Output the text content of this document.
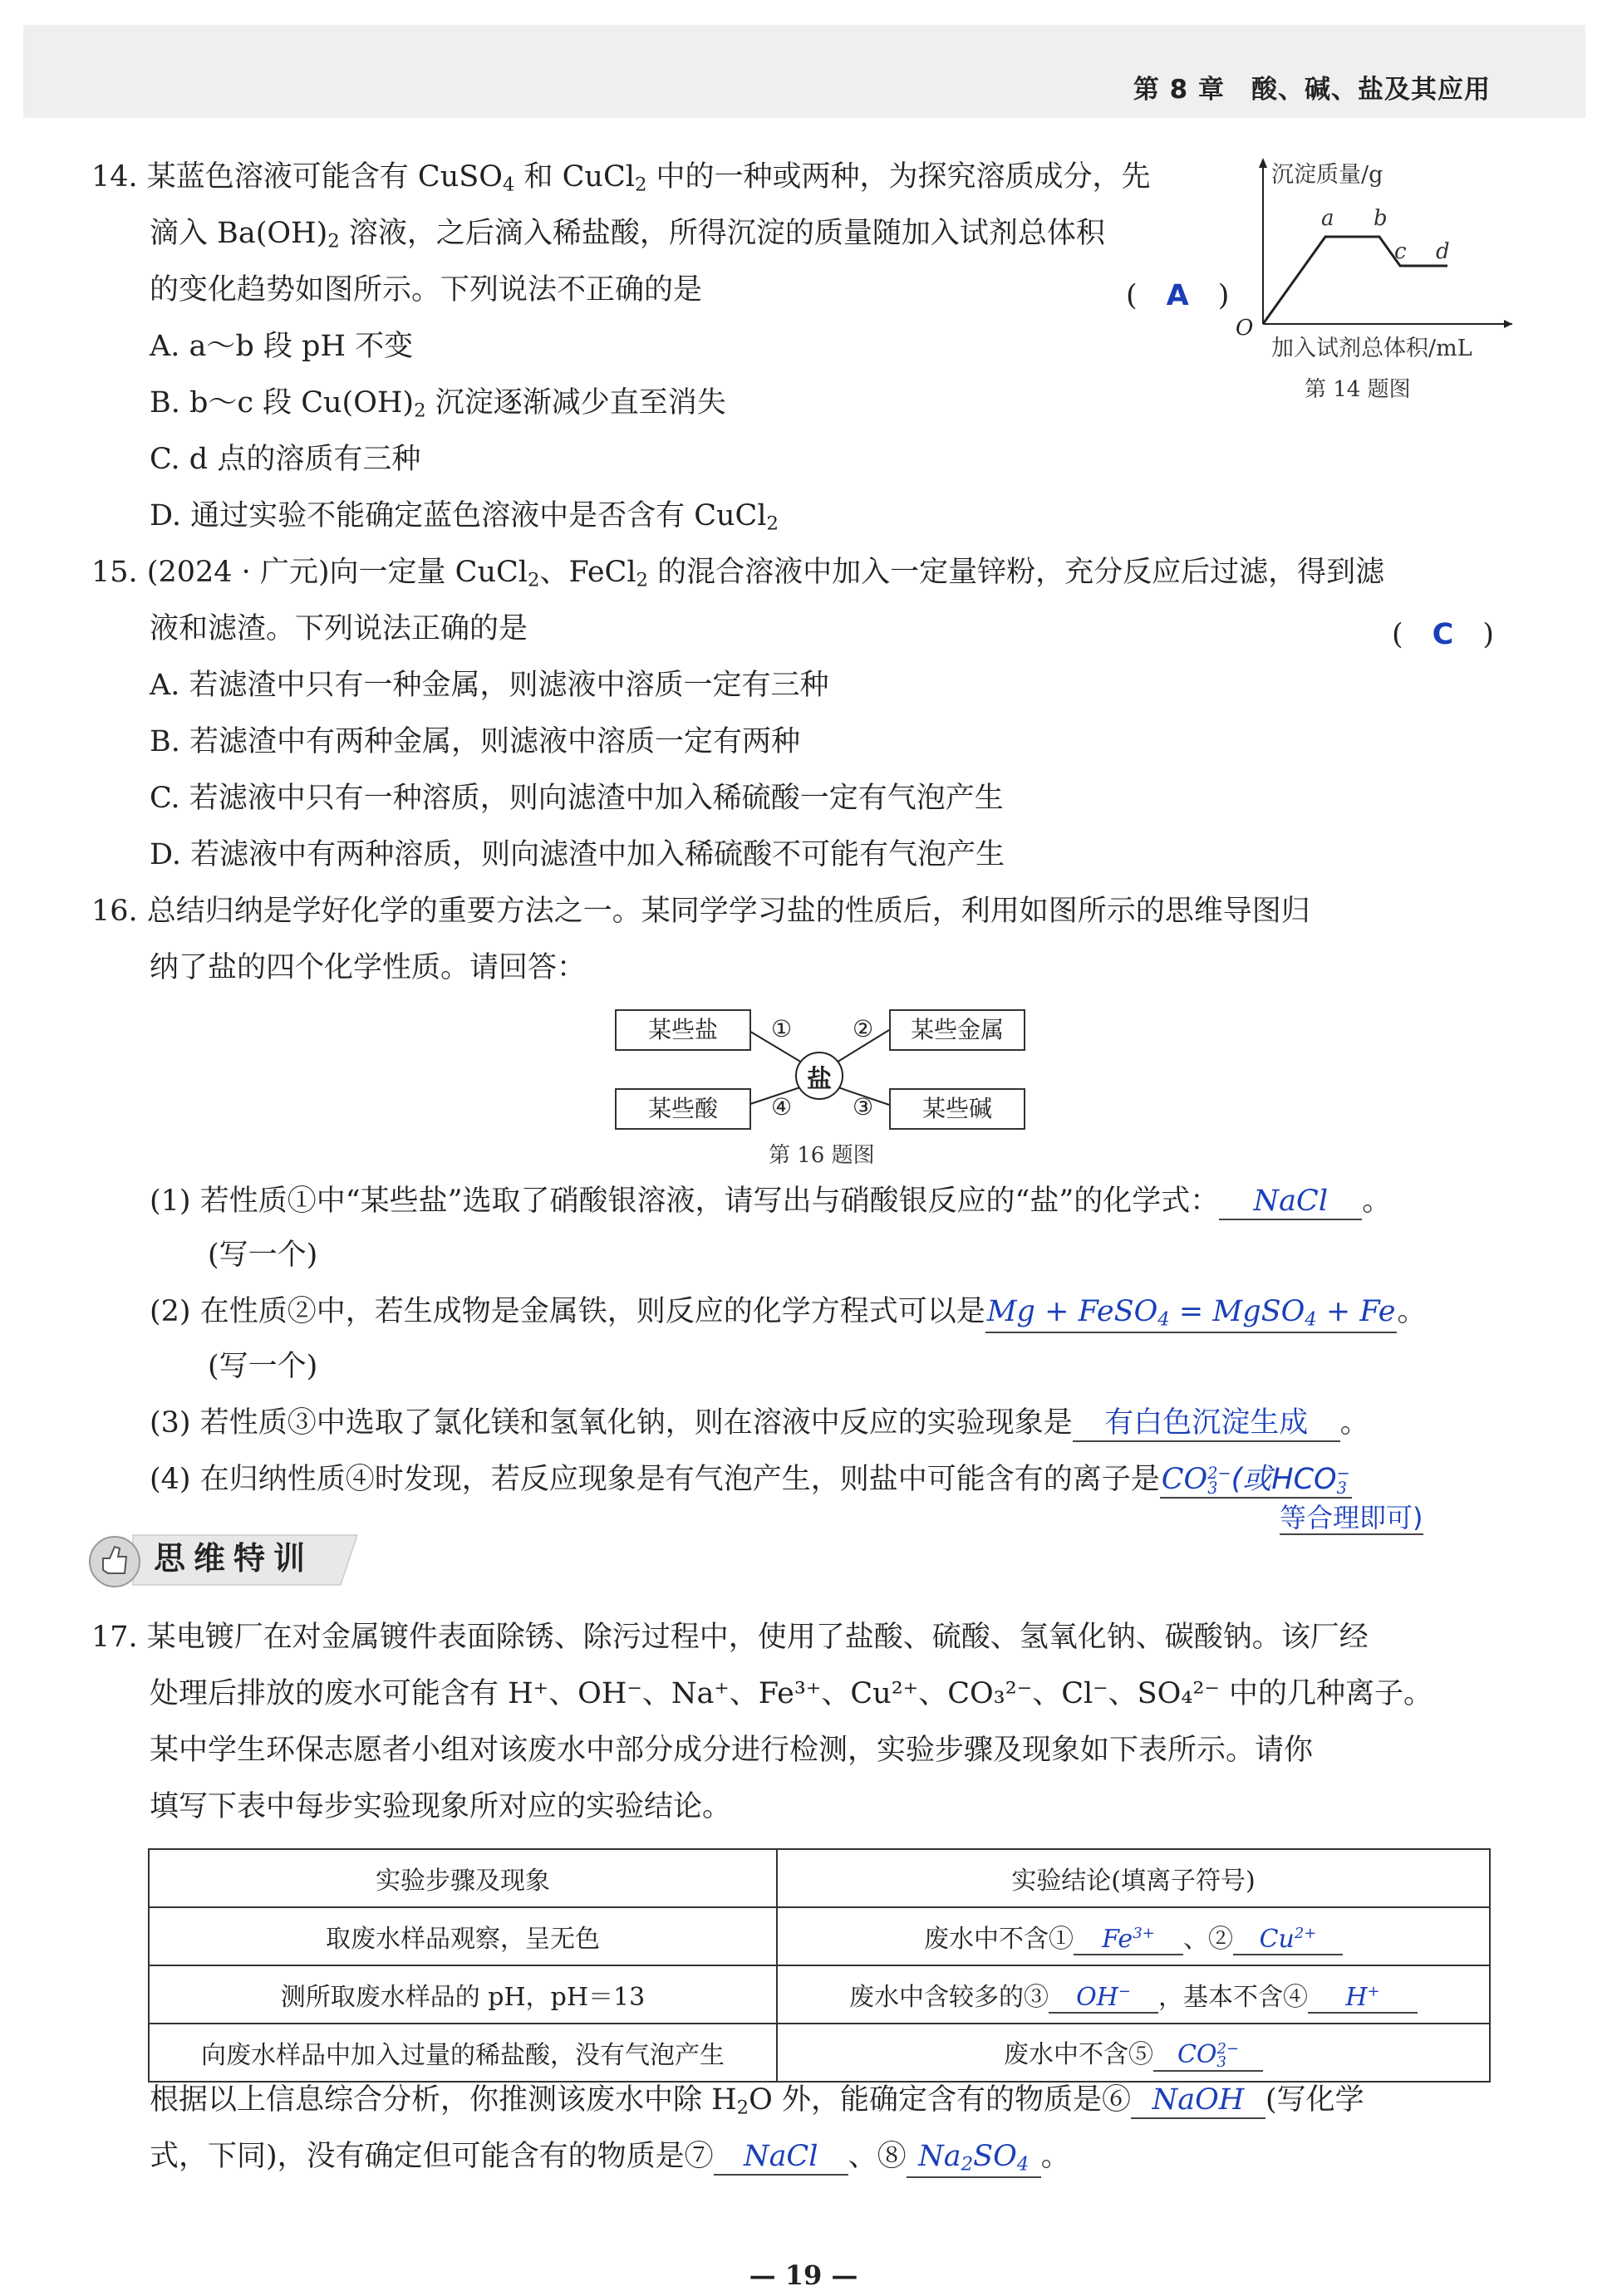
第 8 章　酸、碱、盐及其应用
14. 某蓝色溶液可能含有 CuSO$_4$ 和 CuCl$_2$ 中的一种或两种，为探究溶质成分，先
滴入 $Ba(OH)_2$ 溶液，之后滴入稀盐酸，所得沉淀的质量随加入试剂总体积
的变化趋势如图所示。下列说法不正确的是	(　A　)
A. a～b 段 pH 不变
B. b～c 段 $Cu(OH)_2$ 沉淀逐渐减少直至消失
C. d 点的溶质有三种
D. 通过实验不能确定蓝色溶液中是否含有 CuCl$_2$
沉淀质量/g
O
加入试剂总体积/mL
a b
c d
第 14 题图
15. (2024 · 广元)向一定量 CuCl$_2$、FeCl$_2$ 的混合溶液中加入一定量锌粉，充分反应后过滤，得到滤
液和滤渣。下列说法正确的是	(　C　)
A. 若滤渣中只有一种金属，则滤液中溶质一定有三种
B. 若滤渣中有两种金属，则滤液中溶质一定有两种
C. 若滤液中只有一种溶质，则向滤渣中加入稀硫酸一定有气泡产生
D. 若滤液中有两种溶质，则向滤渣中加入稀硫酸不可能有气泡产生
16. 总结归纳是学好化学的重要方法之一。某同学学习盐的性质后，利用如图所示的思维导图归
纳了盐的四个化学性质。请回答：
盐
某些盐	某些金属
某些酸	某些碱
①	②
③
④
第 16 题图
(1) 若性质①中“某些盐”选取了硝酸银溶液，请写出与硝酸银反应的“盐”的化学式： NaCl 。
(写一个)
(2) 在性质②中，若生成物是金属铁，则反应的化学方程式可以是Mg + FeSO$_4$ = MgSO$_4$ + Fe。
(写一个)
(3) 若性质③中选取了氯化镁和氢氧化钠，则在溶液中反应的实验现象是 有白色沉淀生成 。
(4) 在归纳性质④时发现，若反应现象是有气泡产生，则盐中可能含有的离子是CO 2−
3 (或HCO −
3
等合理即可)
思维特训
17. 某电镀厂在对金属镀件表面除锈、除污过程中，使用了盐酸、硫酸、氢氧化钠、碳酸钠。该厂经
处理后排放的废水可能含有 H⁺、OH⁻、Na⁺、Fe³⁺、Cu²⁺、CO₃²⁻、Cl⁻、SO₄²⁻ 中的几种离子。
某中学生环保志愿者小组对该废水中部分成分进行检测，实验步骤及现象如下表所示。请你
填写下表中每步实验现象所对应的实验结论。
实验步骤及现象	实验结论(填离子符号)
取废水样品观察，呈无色	废水中不含① $Fe^{3+}$ 、② $Cu^{2+}$
测所取废水样品的 pH，pH＝13	废水中含较多的③ OH− ，基本不含④ H+
向废水样品中加入过量的稀盐酸，没有气泡产生	废水中不含⑤ CO 2−
3
根据以上信息综合分析，你推测该废水中除 $H_2O$ 外，能确定含有的物质是⑥ NaOH (写化学
式，下同)，没有确定但可能含有的物质是⑦ NaCl 、⑧ $Na_2SO_4$ 。
— 19 —
